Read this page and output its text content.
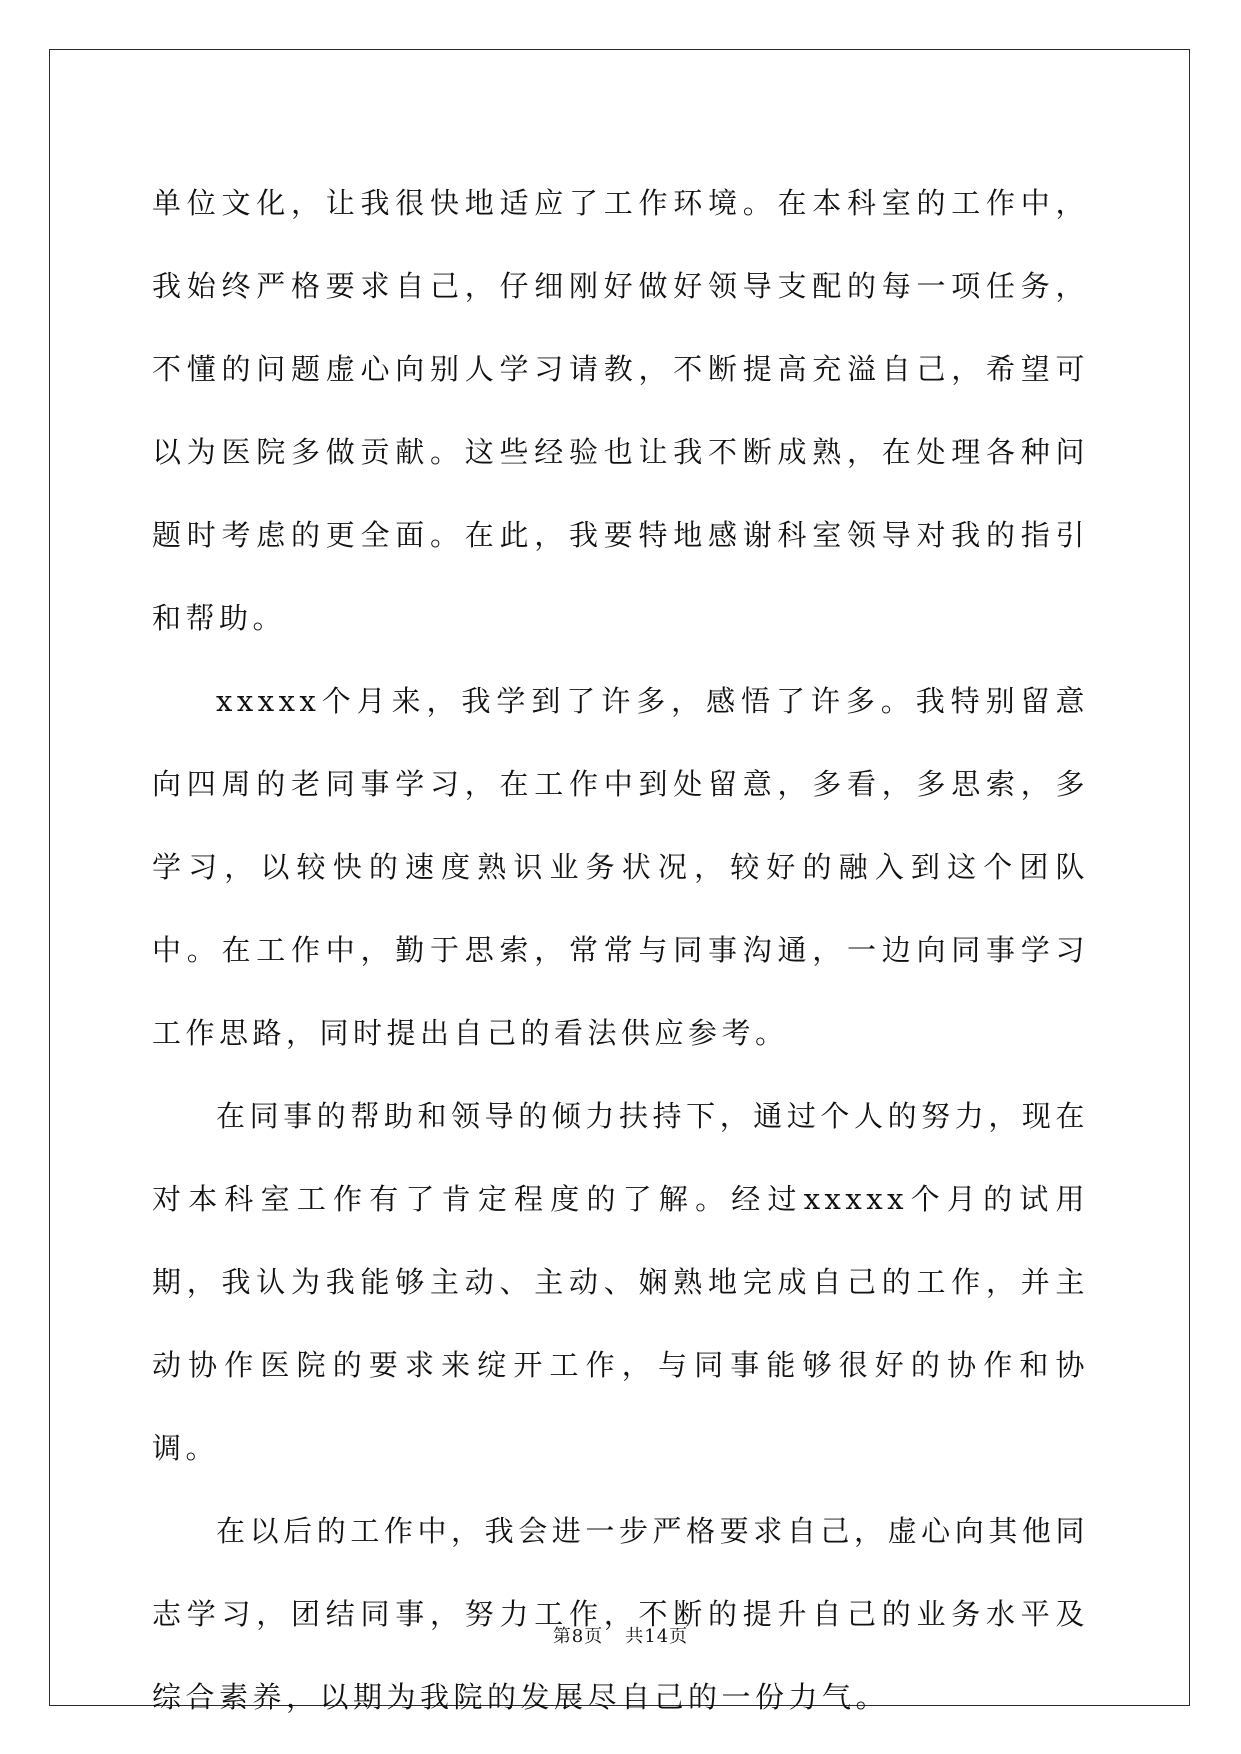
单位文化，让我很快地适应了工作环境。在本科室的工作中，我始终严格要求自己，仔细刚好做好领导支配的每一项任务，不懂的问题虚心向别人学习请教，不断提高充溢自己，希望可以为医院多做贡献。这些经验也让我不断成熟，在处理各种问题时考虑的更全面。在此，我要特地感谢科室领导对我的指引和帮助。

xxxxx个月来，我学到了许多，感悟了许多。我特别留意向四周的老同事学习，在工作中到处留意，多看，多思索，多学习，以较快的速度熟识业务状况，较好的融入到这个团队中。在工作中，勤于思索，常常与同事沟通，一边向同事学习工作思路，同时提出自己的看法供应参考。

在同事的帮助和领导的倾力扶持下，通过个人的努力，现在对本科室工作有了肯定程度的了解。经过xxxxx个月的试用期，我认为我能够主动、主动、娴熟地完成自己的工作，并主动协作医院的要求来绽开工作，与同事能够很好的协作和协调。

在以后的工作中，我会进一步严格要求自己，虚心向其他同志学习，团结同事，努力工作，不断的提升自己的业务水平及综合素养，以期为我院的发展尽自己的一份力气。

第8页 共14页
